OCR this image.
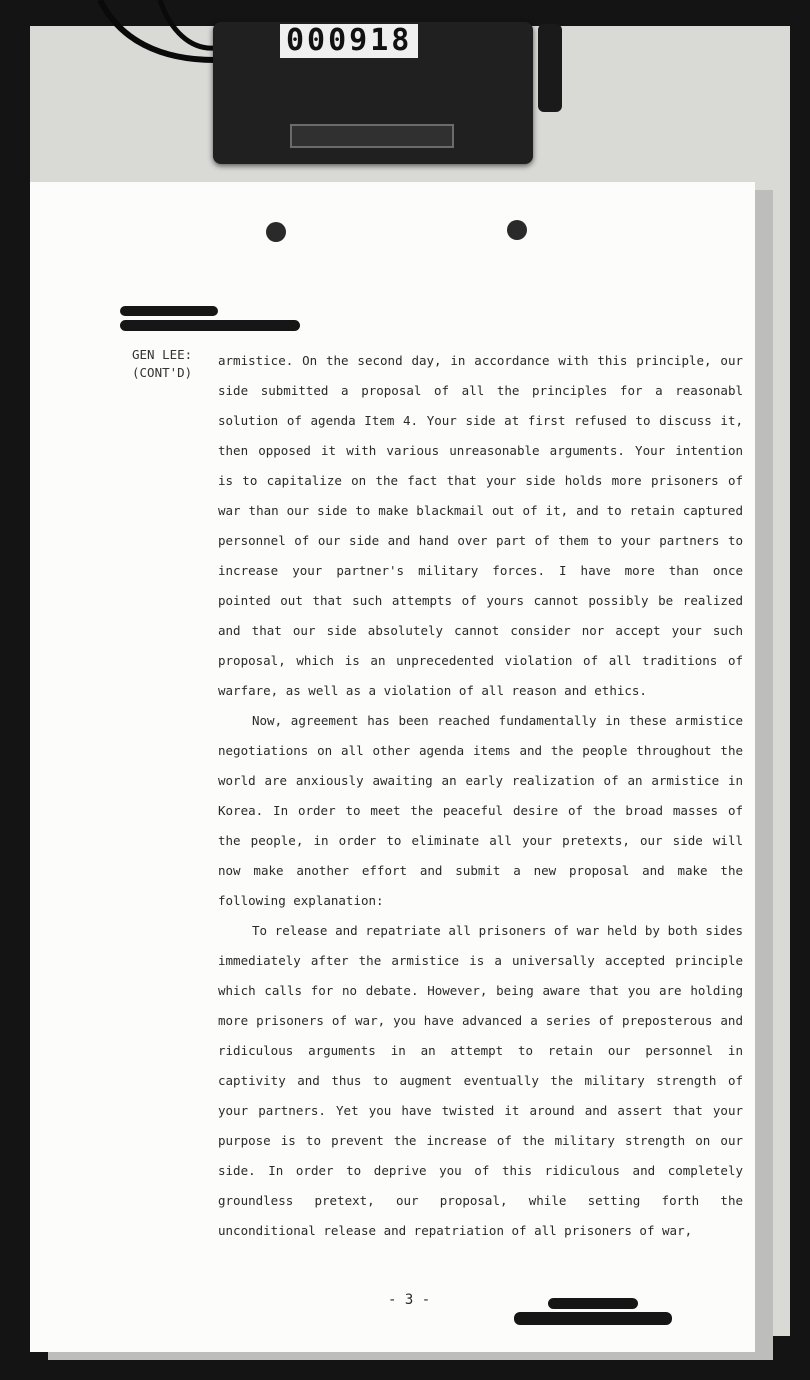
000918
GEN LEE:
(CONT'D)

armistice. On the second day, in accordance with this principle, our side submitted a proposal of all the principles for a reasonabl solution of agenda Item 4. Your side at first refused to discuss it, then opposed it with various unreasonable arguments. Your intention is to capitalize on the fact that your side holds more prisoners of war than our side to make blackmail out of it, and to retain captured personnel of our side and hand over part of them to your partners to increase your partner's military forces. I have more than once pointed out that such attempts of yours cannot possibly be realized and that our side absolutely cannot consider nor accept your such proposal, which is an unprecedented violation of all traditions of warfare, as well as a violation of all reason and ethics.

Now, agreement has been reached fundamentally in these armistice negotiations on all other agenda items and the people throughout the world are anxiously awaiting an early realization of an armistice in Korea. In order to meet the peaceful desire of the broad masses of the people, in order to eliminate all your pretexts, our side will now make another effort and submit a new proposal and make the following explanation:

To release and repatriate all prisoners of war held by both sides immediately after the armistice is a universally accepted principle which calls for no debate. However, being aware that you are holding more prisoners of war, you have advanced a series of preposterous and ridiculous arguments in an attempt to retain our personnel in captivity and thus to augment eventually the military strength of your partners. Yet you have twisted it around and assert that your purpose is to prevent the increase of the military strength on our side. In order to deprive you of this ridiculous and completely groundless pretext, our proposal, while setting forth the unconditional release and repatriation of all prisoners of war,

- 3 -
